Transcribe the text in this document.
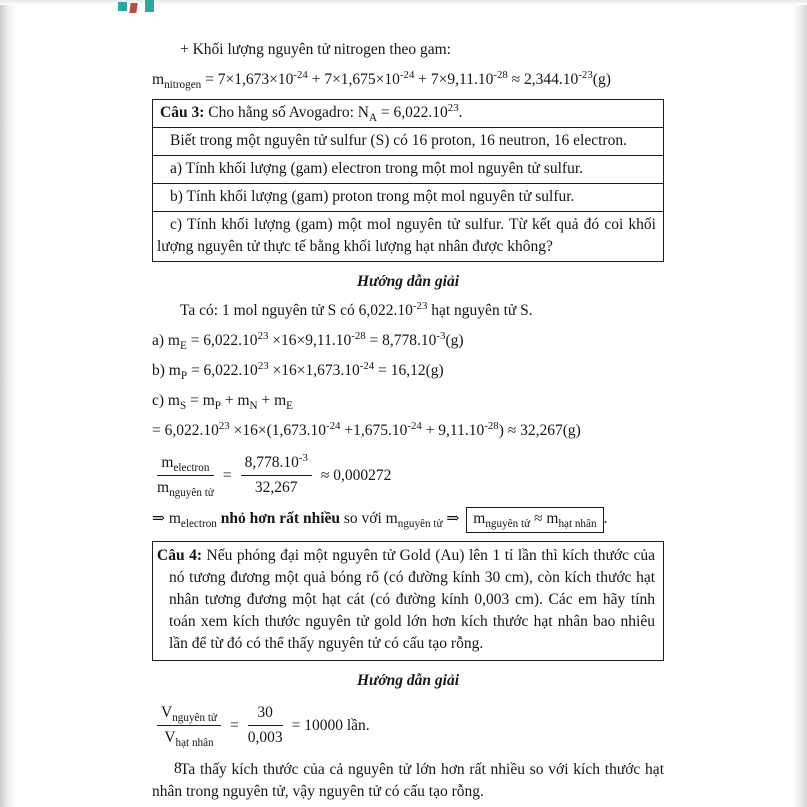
+ Khối lượng nguyên tử nitrogen theo gam:

$m_{nitrogen} = 7\times 1,673\times 10^{-24} + 7\times 1,675\times 10^{-24} + 7\times 9,11.10^{-28} \approx 2,344.10^{-23}(g)$

Câu 3: Cho hằng số Avogadro: $N_A = 6,022.10^{23}$.
Biết trong một nguyên tử sulfur (S) có 16 proton, 16 neutron, 16 electron.
a) Tính khối lượng (gam) electron trong một mol nguyên tử sulfur.
b) Tính khối lượng (gam) proton trong một mol nguyên tử sulfur.
c) Tính khối lượng (gam) một mol nguyên tử sulfur. Từ kết quả đó coi khối lượng nguyên tử thực tế bằng khối lượng hạt nhân được không?
Hướng dẫn giải

Ta có: 1 mol nguyên tử S có $6,022.10^{-23}$ hạt nguyên tử S.

a) $m_E = 6,022.10^{23} \times 16\times 9,11.10^{-28} = 8,778.10^{-3}(g)$

b) $m_P = 6,022.10^{23} \times 16\times 1,673.10^{-24} = 16,12(g)$

c) $m_S = m_P + m_N + m_E$

= $6,022.10^{23} \times 16\times(1,673.10^{-24} +1,675.10^{-24} + 9,11.10^{-28}) \approx 32,267(g)$

$\frac{m_{electron}}{m_{nguyên tử}} = \frac{8,778.10^{-3}}{32,267} \approx 0,000272$

⇒ $m_{electron}$ nhỏ hơn rất nhiều so với $m_{nguyên tử}$ ⇒ $m_{nguyên tử} \approx m_{hạt nhân}$ .

Câu 4: Nếu phóng đại một nguyên tử Gold (Au) lên 1 tỉ lần thì kích thước của nó tương đương một quả bóng rổ (có đường kính 30 cm), còn kích thước hạt nhân tương đương một hạt cát (có đường kính 0,003 cm). Các em hãy tính toán xem kích thước nguyên tử gold lớn hơn kích thước hạt nhân bao nhiêu lần để từ đó có thể thấy nguyên tử có cấu tạo rỗng.
Hướng dẫn giải
$\frac{V_{nguyên tử}}{V_{hạt nhân}} = \frac{30}{0,003} = 10000$ lần.

Ta thấy kích thước của cả nguyên tử lớn hơn rất nhiều so với kích thước hạt nhân trong nguyên tử, vậy nguyên tử có cấu tạo rỗng.

8
